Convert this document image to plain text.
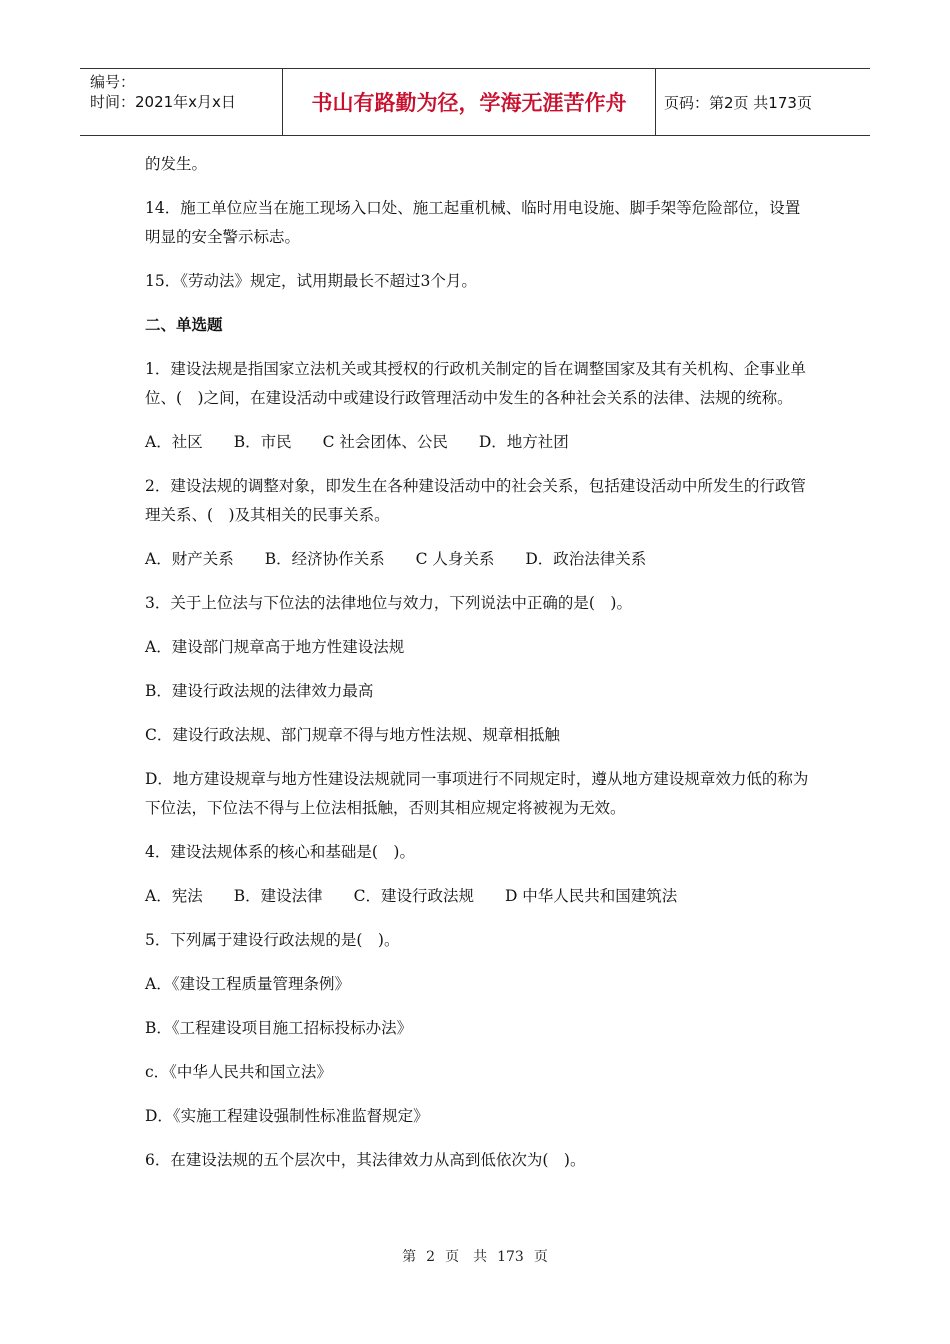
编号：
时间：2021年x月x日	书山有路勤为径，学海无涯苦作舟	页码：第2页 共173页

的发生。

14．施工单位应当在施工现场入口处、施工起重机械、临时用电设施、脚手架等危险部位，设置明显的安全警示标志。

15．《劳动法》规定，试用期最长不超过3个月。

二、单选题

1．建设法规是指国家立法机关或其授权的行政机关制定的旨在调整国家及其有关机构、企事业单位、(　)之间，在建设活动中或建设行政管理活动中发生的各种社会关系的法律、法规的统称。

A．社区　　B．市民　　C 社会团体、公民　　D．地方社团

2．建设法规的调整对象，即发生在各种建设活动中的社会关系，包括建设活动中所发生的行政管理关系、(　)及其相关的民事关系。

A．财产关系　　B．经济协作关系　　C 人身关系　　D．政治法律关系

3．关于上位法与下位法的法律地位与效力，下列说法中正确的是(　)。

A．建设部门规章高于地方性建设法规

B．建设行政法规的法律效力最高

C．建设行政法规、部门规章不得与地方性法规、规章相抵触

D．地方建设规章与地方性建设法规就同一事项进行不同规定时，遵从地方建设规章效力低的称为下位法，下位法不得与上位法相抵触，否则其相应规定将被视为无效。

4．建设法规体系的核心和基础是(　)。

A．宪法　　B．建设法律　　C．建设行政法规　　D 中华人民共和国建筑法

5．下列属于建设行政法规的是(　)。

A．《建设工程质量管理条例》

B．《工程建设项目施工招标投标办法》

c．《中华人民共和国立法》

D．《实施工程建设强制性标准监督规定》

6．在建设法规的五个层次中，其法律效力从高到低依次为(　)。

第 2 页　共 173 页
